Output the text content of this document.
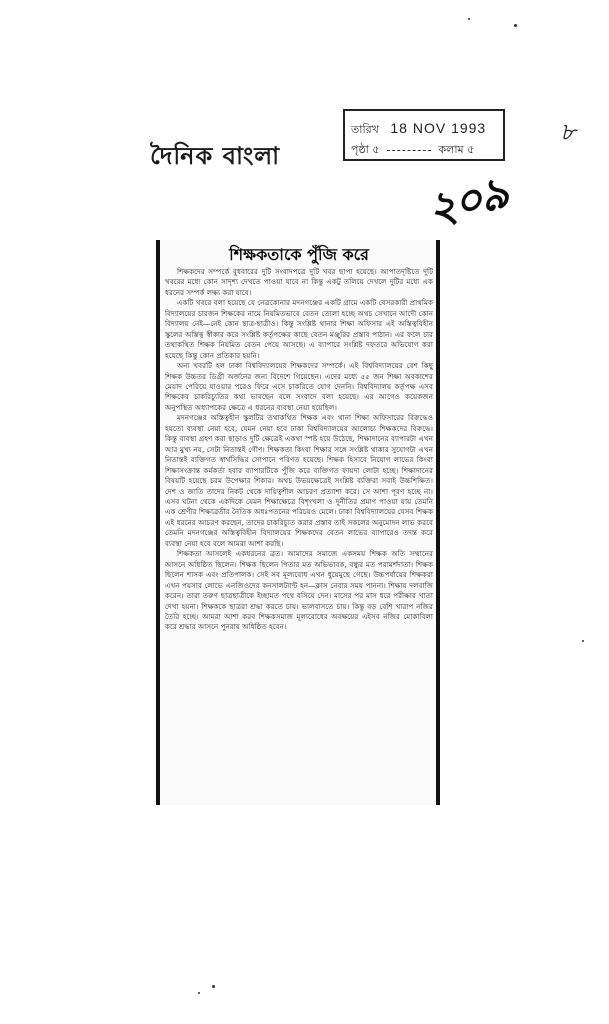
দৈনিক বাংলা
তারিখ 18 NOV 1993
পৃষ্ঠা ৫	কলাম ৫
৮
২০৯
শিক্ষকতাকে পুঁজি করে

শিক্ষকদের সম্পর্কে বুধবারের দুটি সংবাদপত্রে দুটি খবর ছাপা হয়েছে। আপাতদৃষ্টিতে দুটি খবরের মধ্যে কোন সাদৃশ্য দেখতে পাওয়া যাবে না কিন্তু একটু তলিয়ে দেখলে দুটির মধ্যে এক ধরনের সম্পর্ক লক্ষ্য করা যাবে।

একটি খবরে বলা হয়েছে যে নেত্রকোনার মদনগঞ্জের একটি গ্রামে একটি বেসরকারী প্রাথমিক বিদ্যালয়ের চারজন শিক্ষকের নামে নিয়মিতভাবে বেতন তোলা হচ্ছে অথচ সেখানে আদৌ কোন বিদ্যালয় নেই—নেই কোন ছাত্র-ছাত্রীও। কিন্তু সংশ্লিষ্ট থানার শিক্ষা অফিসার এই অস্তিত্ববিহীন স্কুলের অস্তিত্ব স্বীকার করে সংশ্লিষ্ট কর্তৃপক্ষের কাছে বেতন মঞ্জুরির প্রস্তাব পাঠান। এর ফলে চার তথাকথিত শিক্ষক নিয়মিত বেতন পেয়ে আসছে। এ ব্যাপারে সংশ্লিষ্ট দফতরে অভিযোগ করা হয়েছে কিন্তু কোন প্রতিকার হয়নি।

অন্য খবরটি হল ঢাকা বিশ্ববিদ্যালয়ের শিক্ষকদের সম্পর্কে। এই বিশ্ববিদ্যালয়ের বেশ কিছু শিক্ষক উচ্চতর ডিগ্রী অর্জনের জন্য বিদেশে গিয়েছেন। এদের মধ্যে ৫৫ জন শিক্ষা অবকাশের মেয়াদ পেরিয়ে যাওয়ার পরেও ফিরে এসে চাকরিতে যোগ দেননি। বিশ্ববিদ্যালয় কর্তৃপক্ষ এসব শিক্ষকের চাকরিচ্যুতির কথা ভাবছেন বলে সংবাদে বলা হয়েছে। এর আগেও কয়েকজন অনুপস্থিত অধ্যাপকের ক্ষেত্রে এ ধরনের ব্যবস্থা নেয়া হয়েছিল।

মদনগঞ্জের অস্তিত্বহীন স্কুলটির তথাকথিত শিক্ষক এবং থানা শিক্ষা অফিসারের বিরুদ্ধেও হয়তো ব্যবস্থা নেয়া হবে, যেমন নেয়া হবে ঢাকা বিশ্ববিদ্যালয়ের আলোচ্য শিক্ষকদের বিরুদ্ধে। কিন্তু ব্যবস্থা গ্রহণ করা ছাড়াও দুটি ক্ষেত্রেই একথা স্পষ্ট হয়ে উঠেছে, শিক্ষাদানের ব্যাপারটা এখন আর মুখ্য নয়, সেটা নিতান্তই গৌণ। শিক্ষকতা কিংবা শিক্ষার সঙ্গে সংশ্লিষ্ট থাকার সুযোগটা এখন নিতান্তই ব্যক্তিগত স্বার্থসিদ্ধির সোপানে পরিণত হয়েছে। শিক্ষক হিসাবে নিয়োগ লাভের কিংবা শিক্ষাসংক্রান্ত কর্মকর্তা হবার ব্যাপারটিকে পুঁজি করে ব্যক্তিগত ফায়দা লোটা হচ্ছে। শিক্ষাদানের বিষয়টি হয়েছে চরম উপেক্ষার শিকার। অথচ উভয়ক্ষেত্রেই সংশ্লিষ্ট ব্যক্তিরা সবাই উচ্চশিক্ষিত। দেশ ও জাতি তাদের নিকট থেকে দায়িত্বশীল আচরণ প্রত্যাশা করে। সে আশা পূরণ হচ্ছে না। এসব ঘটনা থেকে একদিকে যেমন শিক্ষাক্ষেত্রে বিশৃংখলা ও দুর্নীতির প্রমাণ পাওয়া যায় তেমনি এক শ্রেণীর শিক্ষাব্রতীর নৈতিক অধঃপতনের পরিচয়ও মেলে। ঢাকা বিশ্ববিদ্যালয়ের যেসব শিক্ষক এই ধরনের আচরণ করছেন, তাদের চাকরিচ্যুত করার প্রস্তাব তাই সকলের অনুমোদন লাভ করবে তেমনি মদনগঞ্জের অস্তিত্ববিহীন বিদ্যালয়ের শিক্ষকদের বেতন লাভের ব্যাপারেও তদন্ত করে ব্যবস্থা নেয়া হবে বলে আমরা আশা করছি।

শিক্ষকতা আসলেই একধরনের ব্রত। আমাদের সমাজে একসময় শিক্ষক অতি সম্মানের আসনে অধিষ্ঠিত ছিলেন। শিক্ষক ছিলেন পিতার মত অভিভাবক, বন্ধুর মত পরামর্শদাতা। শিক্ষক ছিলেন শাসক এবং প্রতিপালক। সেই সব মূল্যবোধ এখন ধুয়েমুছে গেছে। উচ্চপর্যায়ের শিক্ষকরা এখন পয়সার লোভে এনজিওদের কনসালট্যান্ট হন—ক্লাস নেবার সময় পাননা। শিক্ষায় দলবাজি করেন। তারা তরুণ ছাত্রছাত্রীকে ইচ্ছামত পথে বসিয়ে দেন। মাসের পর মাস ধরে পরীক্ষার খাতা দেখা হয়না। শিক্ষককে ছাত্ররা শ্রদ্ধা করতে চায়। ভালবাসতে চায়। কিন্তু বড় বেশি খারাপ নজির তৈরি হচ্ছে। আমরা আশা করব শিক্ষকসমাজ মূল্যবোধের অবক্ষয়ের এইসব নজির মোকাবিলা করে শ্রদ্ধার আসনে পুনরায় অধিষ্ঠিত হবেন।
